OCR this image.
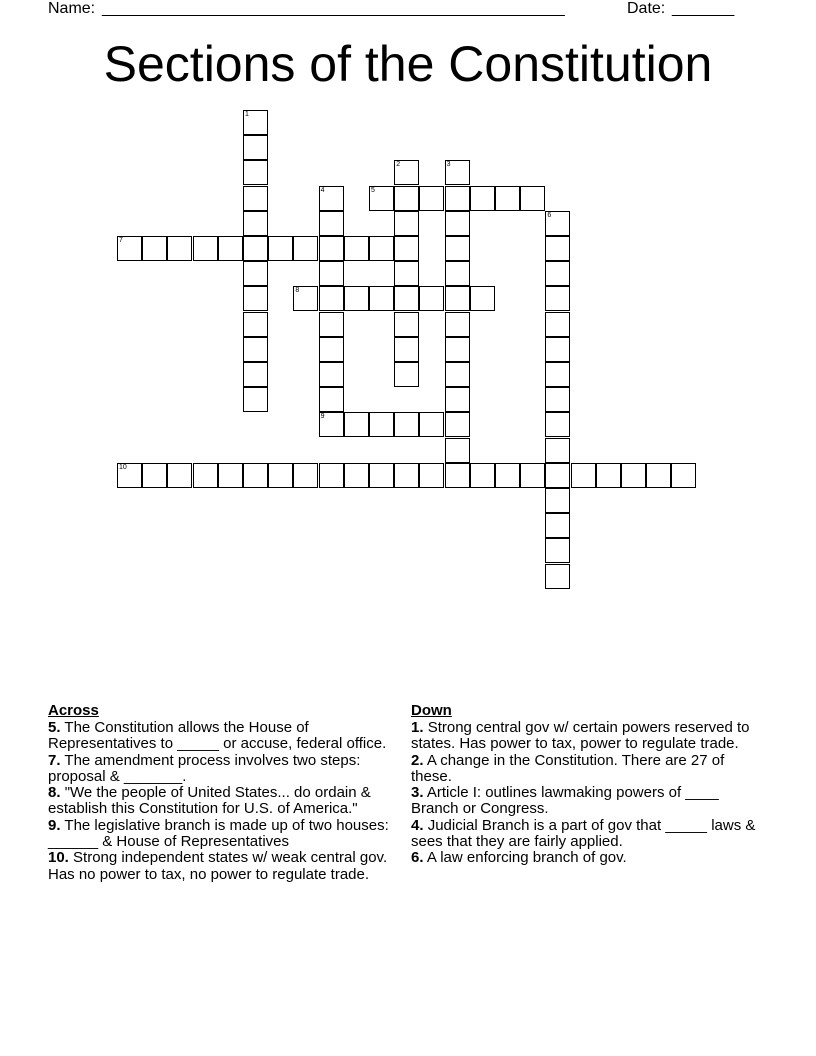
Name: ____________________________________________________	Date: _______
Sections of the Constitution
1
2	3
4
9
5
6
7
8
10
Across

5. The Constitution allows the House of Representatives to _____ or accuse, federal office.

7. The amendment process involves two steps: proposal & _______.

8. "We the people of United States... do ordain & establish this Constitution for U.S. of America."

9. The legislative branch is made up of two houses: ______ & House of Representatives

10. Strong independent states w/ weak central gov. Has no power to tax, no power to regulate trade.

Down

1. Strong central gov w/ certain powers reserved to states. Has power to tax, power to regulate trade.

2. A change in the Constitution. There are 27 of these.

3. Article I: outlines lawmaking powers of ____ Branch or Congress.

4. Judicial Branch is a part of gov that _____ laws & sees that they are fairly applied.

6. A law enforcing branch of gov.
